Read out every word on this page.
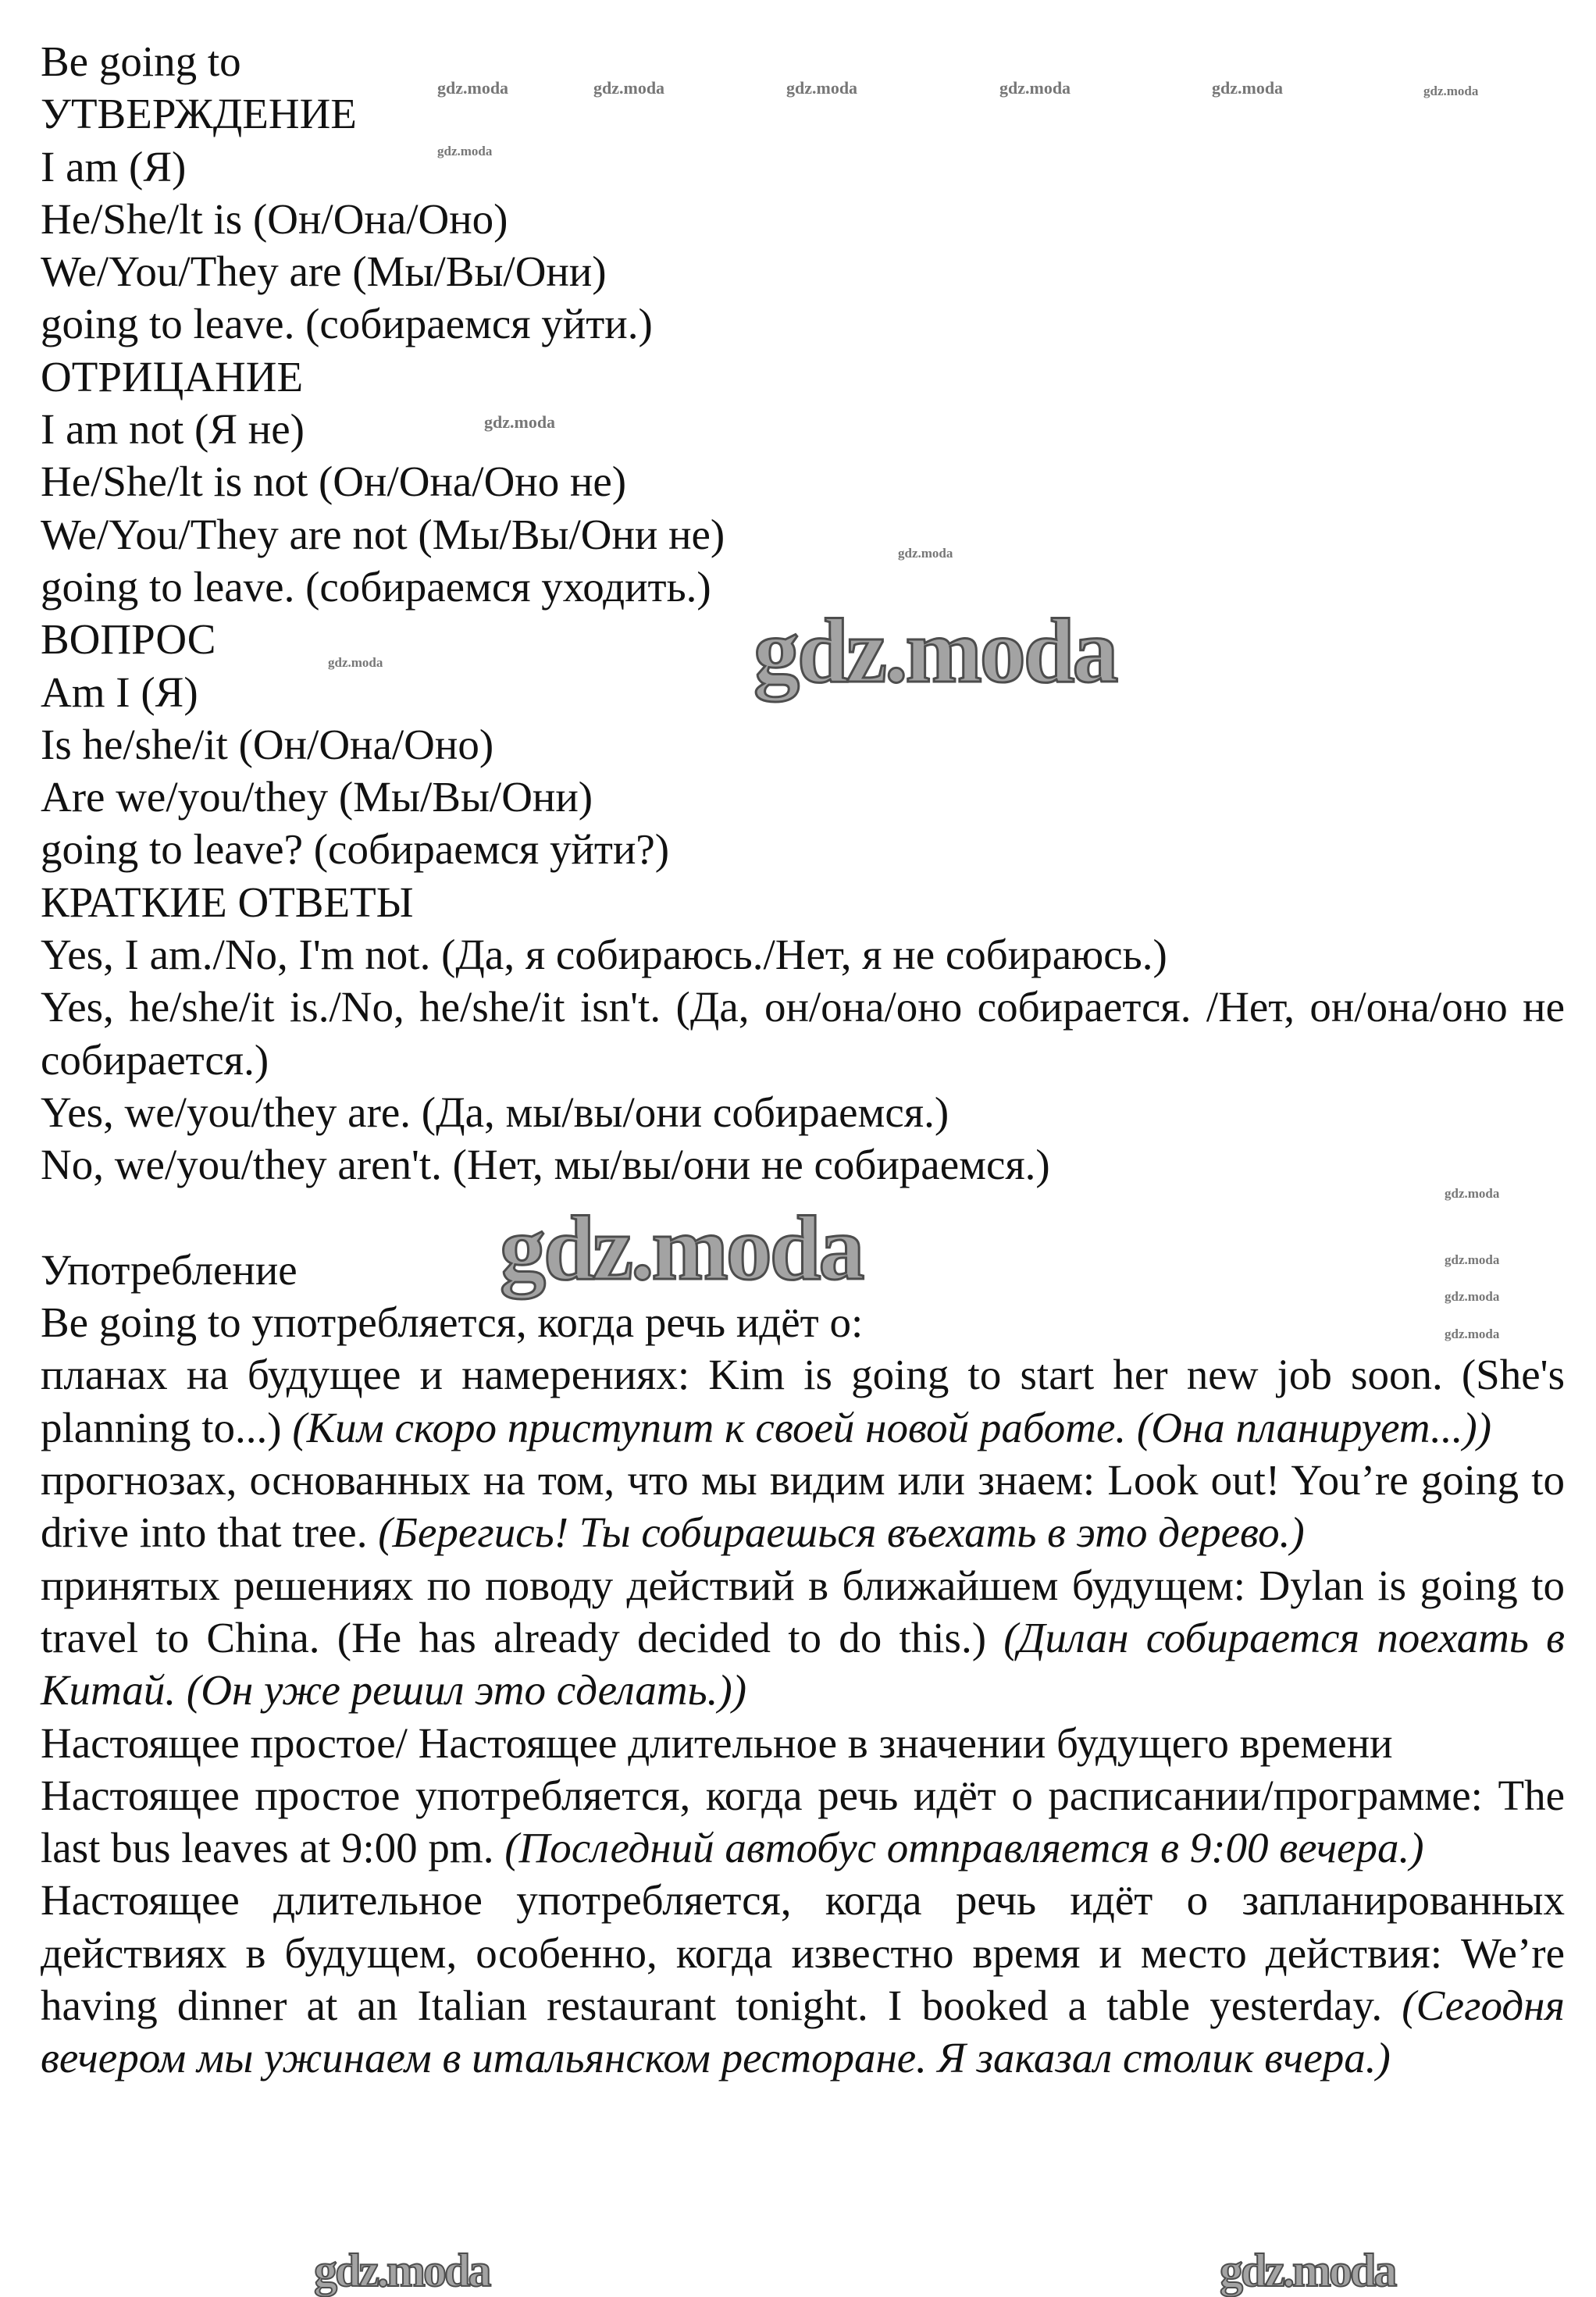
Be going to
УТВЕРЖДЕНИЕ
I am (Я)
He/She/lt is (Он/Она/Оно)
We/You/They are (Мы/Вы/Они)
going to leave. (собираемся уйти.)
ОТРИЦАНИЕ
I am not (Я не)
He/She/lt is not (Он/Она/Оно не)
We/You/They are not (Мы/Вы/Они не)
going to leave. (собираемся уходить.)
ВОПРОС
Am I (Я)
Is he/she/it (Он/Она/Оно)
Are we/you/they (Мы/Вы/Они)
going to leave? (собираемся уйти?)
КРАТКИЕ ОТВЕТЫ
Yes, I am./No, I'm not. (Да, я собираюсь./Нет, я не собираюсь.)
Yes, he/she/it is./No, he/she/it isn't. (Да, он/она/оно собирается. /Нет, он/она/оно не собирается.)
Yes, we/you/they are. (Да, мы/вы/они собираемся.)
No, we/you/they aren't. (Нет, мы/вы/они не собираемся.)
Употребление
Be going to употребляется, когда речь идёт о:
планах на будущее и намерениях: Kim is going to start her new job soon. (She's planning to...) (Ким скоро приступит к своей новой работе. (Она планирует...))
прогнозах, основанных на том, что мы видим или знаем: Look out! You’re going to drive into that tree. (Берегись! Ты собираешься въехать в это дерево.)
принятых решениях по поводу действий в ближайшем будущем: Dylan is going to travel to China. (He has already decided to do this.) (Дилан собирается поехать в Китай. (Он уже решил это сделать.))
Настоящее простое/ Настоящее длительное в значении будущего времени
Настоящее простое употребляется, когда речь идёт о расписании/программе: The last bus leaves at 9:00 pm. (Последний автобус отправляется в 9:00 вечера.)
Настоящее длительное употребляется, когда речь идёт о запланированных действиях в будущем, особенно, когда известно время и место действия: We’re having dinner at an Italian restaurant tonight. I booked a table yesterday. (Сегодня вечером мы ужинаем в итальянском ресторане. Я заказал столик вчера.)
gdz.moda
gdz.moda
gdz.moda	gdz.moda
gdz.moda	gdz.moda	gdz.moda	gdz.moda	gdz.moda	gdz.moda
gdz.moda
gdz.moda
gdz.moda
gdz.moda
gdz.moda
gdz.moda
gdz.moda
gdz.moda
